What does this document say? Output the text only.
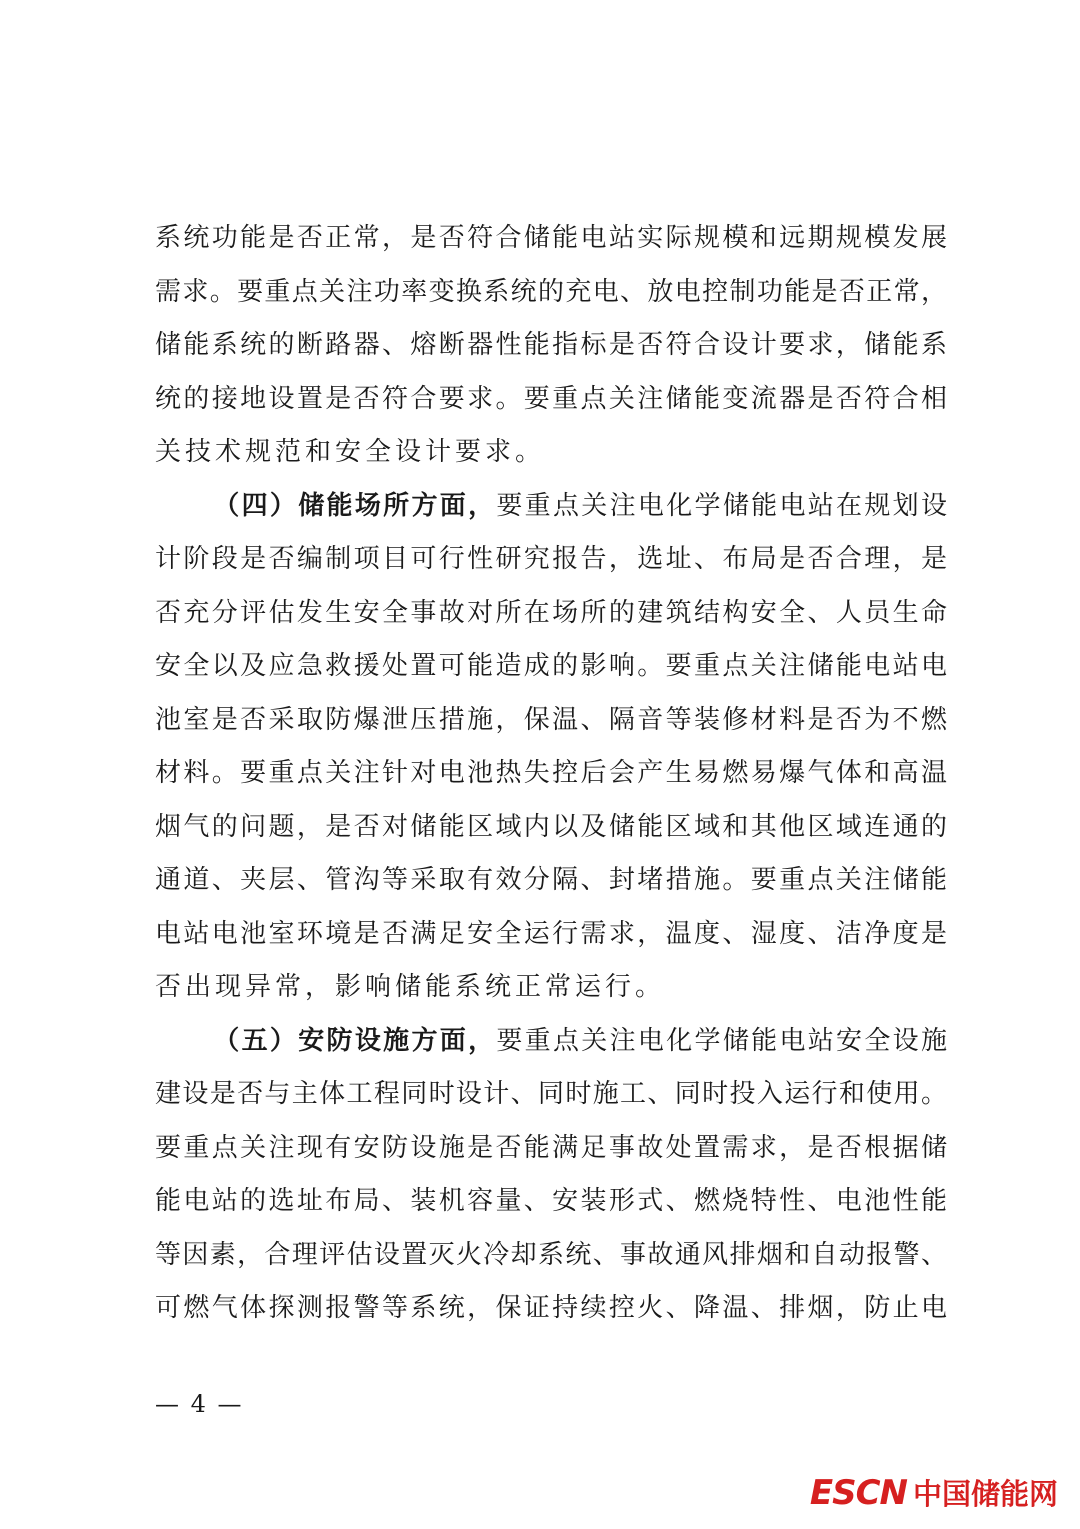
系统功能是否正常，是否符合储能电站实际规模和远期规模发展
需求。要重点关注功率变换系统的充电、放电控制功能是否正常，
储能系统的断路器、熔断器性能指标是否符合设计要求，储能系
统的接地设置是否符合要求。要重点关注储能变流器是否符合相
关技术规范和安全设计要求。
（四）储能场所方面，要重点关注电化学储能电站在规划设
计阶段是否编制项目可行性研究报告，选址、布局是否合理，是
否充分评估发生安全事故对所在场所的建筑结构安全、人员生命
安全以及应急救援处置可能造成的影响。要重点关注储能电站电
池室是否采取防爆泄压措施，保温、隔音等装修材料是否为不燃
材料。要重点关注针对电池热失控后会产生易燃易爆气体和高温
烟气的问题，是否对储能区域内以及储能区域和其他区域连通的
通道、夹层、管沟等采取有效分隔、封堵措施。要重点关注储能
电站电池室环境是否满足安全运行需求，温度、湿度、洁净度是
否出现异常，影响储能系统正常运行。
（五）安防设施方面，要重点关注电化学储能电站安全设施
建设是否与主体工程同时设计、同时施工、同时投入运行和使用。
要重点关注现有安防设施是否能满足事故处置需求，是否根据储
能电站的选址布局、装机容量、安装形式、燃烧特性、电池性能
等因素，合理评估设置灭火冷却系统、事故通风排烟和自动报警、
可燃气体探测报警等系统，保证持续控火、降温、排烟，防止电
— 4 —
ESCN 中国储能网
